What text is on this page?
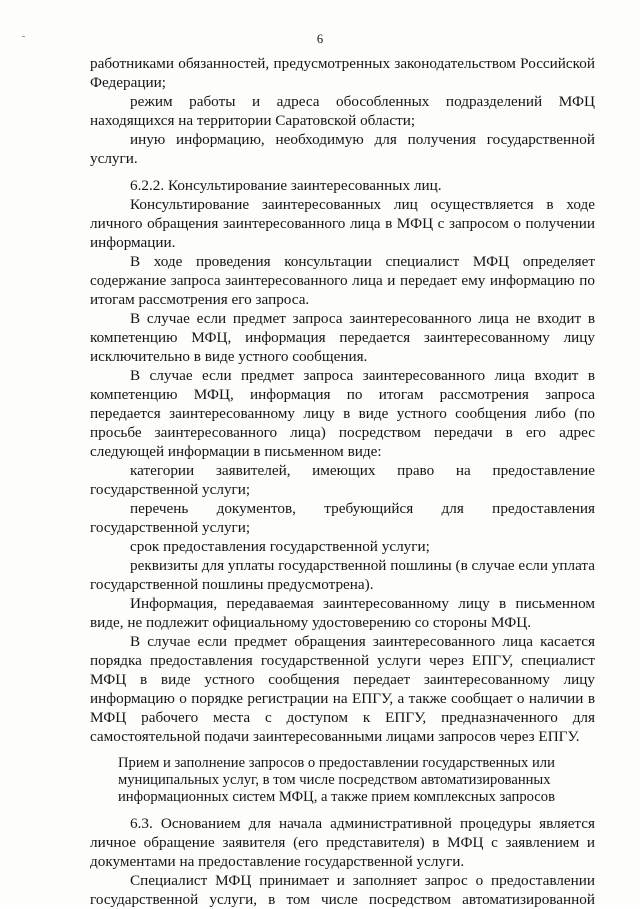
6

работниками обязанностей, предусмотренных законодательством Российской Федерации;

режим работы и адреса обособленных подразделений МФЦ находящихся на территории Саратовской области;

иную информацию, необходимую для получения государственной услуги.

6.2.2. Консультирование заинтересованных лиц.

Консультирование заинтересованных лиц осуществляется в ходе личного обращения заинтересованного лица в МФЦ с запросом о получении информации.

В ходе проведения консультации специалист МФЦ определяет содержание запроса заинтересованного лица и передает ему информацию по итогам рассмотрения его запроса.

В случае если предмет запроса заинтересованного лица не входит в компетенцию МФЦ, информация передается заинтересованному лицу исключительно в виде устного сообщения.

В случае если предмет запроса заинтересованного лица входит в компетенцию МФЦ, информация по итогам рассмотрения запроса передается заинтересованному лицу в виде устного сообщения либо (по просьбе заинтересованного лица) посредством передачи в его адрес следующей информации в письменном виде:

категории заявителей, имеющих право на предоставление государственной услуги;

перечень документов, требующийся для предоставления государственной услуги;

срок предоставления государственной услуги;

реквизиты для уплаты государственной пошлины (в случае если уплата государственной пошлины предусмотрена).

Информация, передаваемая заинтересованному лицу в письменном виде, не подлежит официальному удостоверению со стороны МФЦ.

В случае если предмет обращения заинтересованного лица касается порядка предоставления государственной услуги через ЕПГУ, специалист МФЦ в виде устного сообщения передает заинтересованному лицу информацию о порядке регистрации на ЕПГУ, а также сообщает о наличии в МФЦ рабочего места с доступом к ЕПГУ, предназначенного для самостоятельной подачи заинтересованными лицами запросов через ЕПГУ.

Прием и заполнение запросов о предоставлении государственных или муниципальных услуг, в том числе посредством автоматизированных информационных систем МФЦ, а также прием комплексных запросов

6.3. Основанием для начала административной процедуры является личное обращение заявителя (его представителя) в МФЦ с заявлением и документами на предоставление государственной услуги.

Специалист МФЦ принимает и заполняет запрос о предоставлении государственной услуги, в том числе посредством автоматизированной
